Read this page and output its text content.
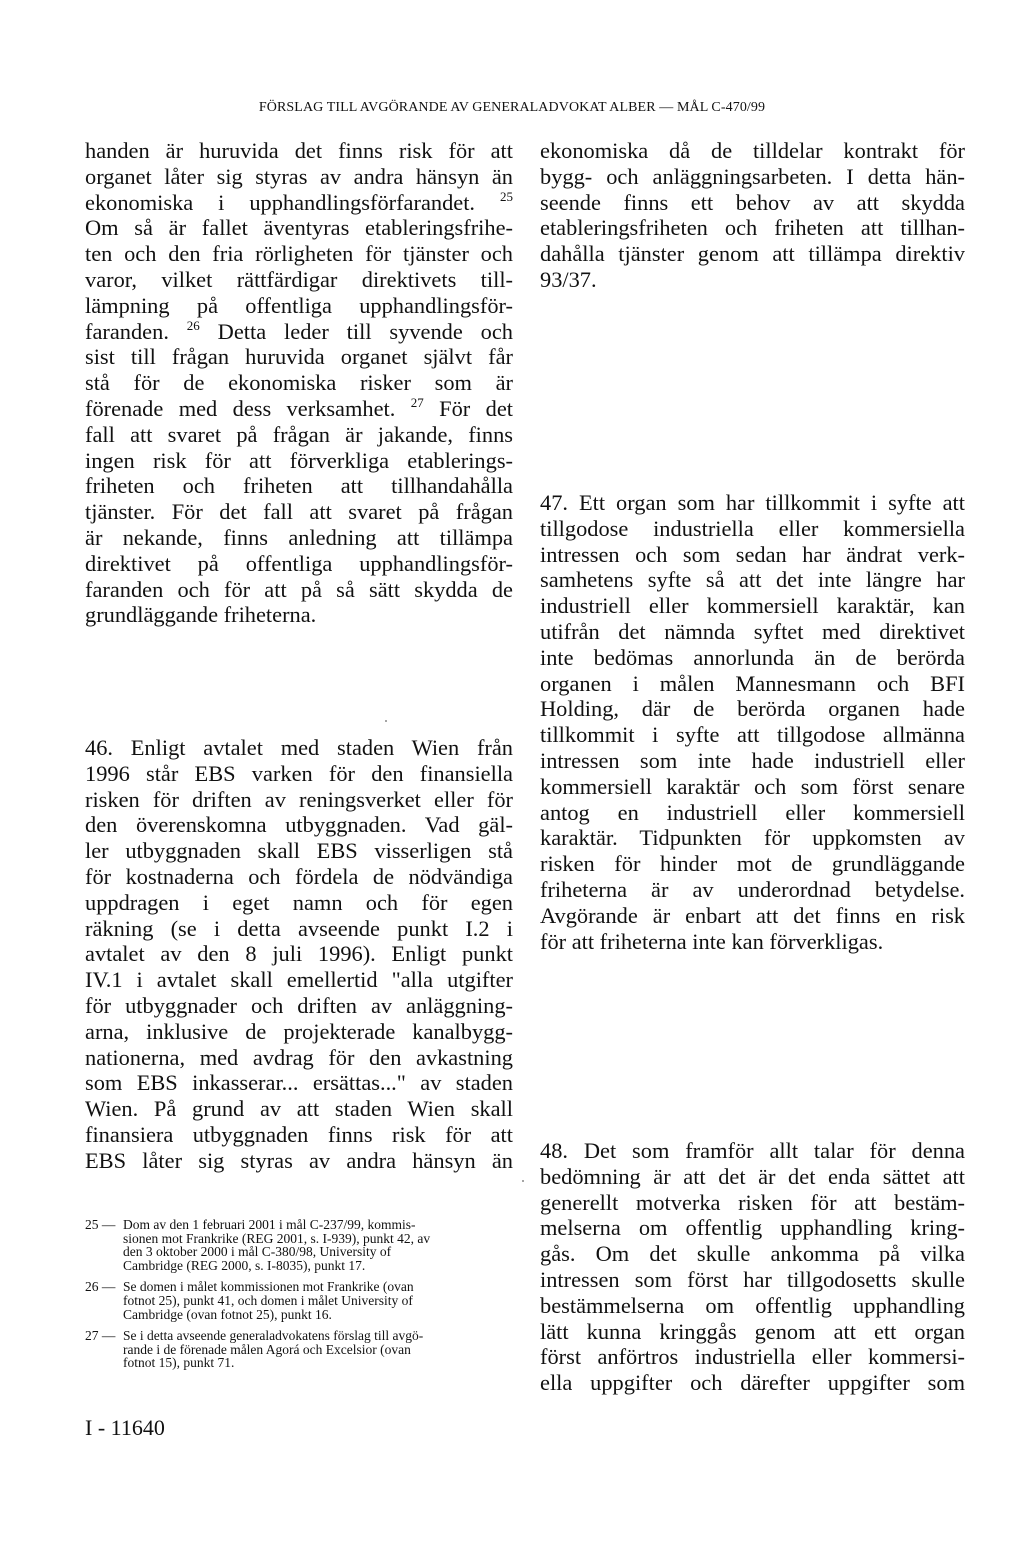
FÖRSLAG TILL AVGÖRANDE AV GENERALADVOKAT ALBER — MÅL C-470/99
handen är huruvida det finns risk för att
organet låter sig styras av andra hänsyn än
ekonomiska i upphandlingsförfarandet. $^{25}$
Om så är fallet äventyras etableringsfrihe-
ten och den fria rörligheten för tjänster och
varor, vilket rättfärdigar direktivets till-
lämpning på offentliga upphandlingsför-
faranden. $^{26}$ Detta leder till syvende och
sist till frågan huruvida organet självt får
stå för de ekonomiska risker som är
förenade med dess verksamhet. $^{27}$ För det
fall att svaret på frågan är jakande, finns
ingen risk för att förverkliga etablerings-
friheten och friheten att tillhandahålla
tjänster. För det fall att svaret på frågan
är nekande, finns anledning att tillämpa
direktivet på offentliga upphandlingsför-
faranden och för att på så sätt skydda de
grundläggande friheterna.
46. Enligt avtalet med staden Wien från
1996 står EBS varken för den finansiella
risken för driften av reningsverket eller för
den överenskomna utbyggnaden. Vad gäl-
ler utbyggnaden skall EBS visserligen stå
för kostnaderna och fördela de nödvändiga
uppdragen i eget namn och för egen
räkning (se i detta avseende punkt I.2 i
avtalet av den 8 juli 1996). Enligt punkt
IV.1 i avtalet skall emellertid "alla utgifter
för utbyggnader och driften av anläggning-
arna, inklusive de projekterade kanalbygg-
nationerna, med avdrag för den avkastning
som EBS inkasserar... ersättas..." av staden
Wien. På grund av att staden Wien skall
finansiera utbyggnaden finns risk för att
EBS låter sig styras av andra hänsyn än
25 — Dom av den 1 februari 2001 i mål C-237/99, kommis-
sionen mot Frankrike (REG 2001, s. I-939), punkt 42, av
den 3 oktober 2000 i mål C-380/98, University of
Cambridge (REG 2000, s. I-8035), punkt 17.
26 — Se domen i målet kommissionen mot Frankrike (ovan
fotnot 25), punkt 41, och domen i målet University of
Cambridge (ovan fotnot 25), punkt 16.
27 — Se i detta avseende generaladvokatens förslag till avgö-
rande i de förenade målen Agorá och Excelsior (ovan
fotnot 15), punkt 71.
I - 11640
ekonomiska då de tilldelar kontrakt för
bygg- och anläggningsarbeten. I detta hän-
seende finns ett behov av att skydda
etableringsfriheten och friheten att tillhan-
dahålla tjänster genom att tillämpa direktiv
93/37.
47. Ett organ som har tillkommit i syfte att
tillgodose industriella eller kommersiella
intressen och som sedan har ändrat verk-
samhetens syfte så att det inte längre har
industriell eller kommersiell karaktär, kan
utifrån det nämnda syftet med direktivet
inte bedömas annorlunda än de berörda
organen i målen Mannesmann och BFI
Holding, där de berörda organen hade
tillkommit i syfte att tillgodose allmänna
intressen som inte hade industriell eller
kommersiell karaktär och som först senare
antog en industriell eller kommersiell
karaktär. Tidpunkten för uppkomsten av
risken för hinder mot de grundläggande
friheterna är av underordnad betydelse.
Avgörande är enbart att det finns en risk
för att friheterna inte kan förverkligas.
48. Det som framför allt talar för denna
bedömning är att det är det enda sättet att
generellt motverka risken för att bestäm-
melserna om offentlig upphandling kring-
gås. Om det skulle ankomma på vilka
intressen som först har tillgodosetts skulle
bestämmelserna om offentlig upphandling
lätt kunna kringgås genom att ett organ
först anförtros industriella eller kommersi-
ella uppgifter och därefter uppgifter som
